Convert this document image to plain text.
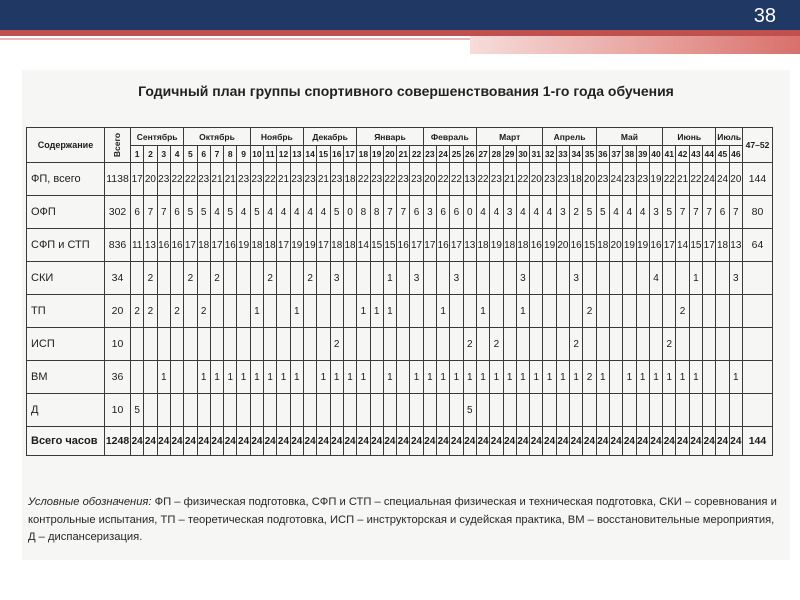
38
Годичный план группы спортивного совершенствования 1-го года обучения
Содержание	Всего	Сентябрь				Октябрь					Ноябрь				Декабрь				Январь					Февраль				Март					Апрель				Май					Июнь				Июль		47–52
		1	2	3	4	5	6	7	8	9	10	11	12	13	14	15	16	17	18	19	20	21	22	23	24	25	26	27	28	29	30	31	32	33	34	35	36	37	38	39	40	41	42	43	44	45	46	
ФП, всего	1138	17	20	23	22	22	23	21	21	23	23	22	21	23	23	21	23	18	22	23	22	23	23	20	22	22	13	22	23	21	22	20	23	23	18	20	23	24	23	23	19	22	21	22	24	24	20	144
ОФП	302	6	7	7	6	5	5	4	5	4	5	4	4	4	4	4	5	0	8	8	7	7	6	3	6	6	0	4	4	3	4	4	4	3	2	5	5	4	4	4	3	5	7	7	7	6	7	80
СФП и СТП	836	11	13	16	16	17	18	17	16	19	18	18	17	19	19	17	18	18	14	15	15	16	17	17	16	17	13	18	19	18	18	16	19	20	16	15	18	20	19	19	16	17	14	15	17	18	13	64
СКИ	34		2			2		2				2			2		3				1		3			3					3				3						4			1			3	
ТП	20	2	2		2		2				1			1					1	1	1				1			1			1					2							2					
ИСП	10																2										2		2						2							2						
ВМ	36			1			1	1	1	1	1	1	1	1		1	1	1	1		1		1	1	1	1	1	1	1	1	1	1	1	1	1	2	1		1	1	1	1	1	1			1	
Д	10	5																									5																					
Всего часов	1248	24	24	24	24	24	24	24	24	24	24	24	24	24	24	24	24	24	24	24	24	24	24	24	24	24	24	24	24	24	24	24	24	24	24	24	24	24	24	24	24	24	24	24	24	24	24	144
Условные обозначения: ФП – физическая подготовка, СФП и СТП – специальная физическая и техническая подготовка, СКИ – соревнования и контрольные испытания, ТП – теоретическая подготовка, ИСП – инструкторская и судейская практика, ВМ – восстановительные мероприятия, Д – диспансеризация.
